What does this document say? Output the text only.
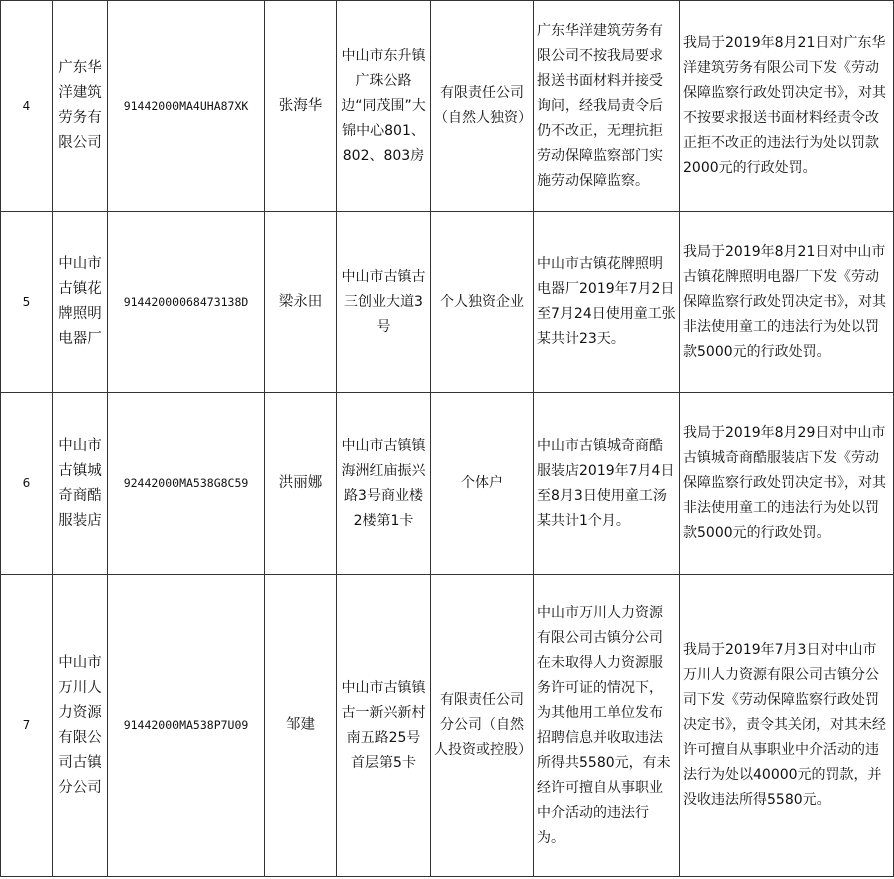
4	广东华洋建筑劳务有限公司	91442000MA4UHA87XK	张海华	中山市东升镇广珠公路边“同茂围”大锦中心801、802、803房	有限责任公司（自然人独资）	广东华洋建筑劳务有限公司不按我局要求报送书面材料并接受询问，经我局责令后仍不改正，无理抗拒劳动保障监察部门实施劳动保障监察。	我局于2019年8月21日对广东华洋建筑劳务有限公司下发《劳动保障监察行政处罚决定书》，对其不按要求报送书面材料经责令改正拒不改正的违法行为处以罚款2000元的行政处罚。
5	中山市古镇花牌照明电器厂	91442000068473138D	梁永田	中山市古镇古三创业大道3号	个人独资企业	中山市古镇花牌照明电器厂2019年7月2日至7月24日使用童工张某共计23天。	我局于2019年8月21日对中山市古镇花牌照明电器厂下发《劳动保障监察行政处罚决定书》，对其非法使用童工的违法行为处以罚款5000元的行政处罚。
6	中山市古镇城奇商酷服装店	92442000MA538G8C59	洪丽娜	中山市古镇镇海洲红庙振兴路3号商业楼2楼第1卡	个体户	中山市古镇城奇商酷服装店2019年7月4日至8月3日使用童工汤某共计1个月。	我局于2019年8月29日对中山市古镇城奇商酷服装店下发《劳动保障监察行政处罚决定书》，对其非法使用童工的违法行为处以罚款5000元的行政处罚。
7	中山市万川人力资源有限公司古镇分公司	91442000MA538P7U09	邹建	中山市古镇镇古一新兴新村南五路25号首层第5卡	有限责任公司分公司（自然人投资或控股）	中山市万川人力资源有限公司古镇分公司在未取得人力资源服务许可证的情况下，为其他用工单位发布招聘信息并收取违法所得共5580元，有未经许可擅自从事职业中介活动的违法行为。	我局于2019年7月3日对中山市万川人力资源有限公司古镇分公司下发《劳动保障监察行政处罚决定书》，责令其关闭，对其未经许可擅自从事职业中介活动的违法行为处以40000元的罚款，并没收违法所得5580元。
